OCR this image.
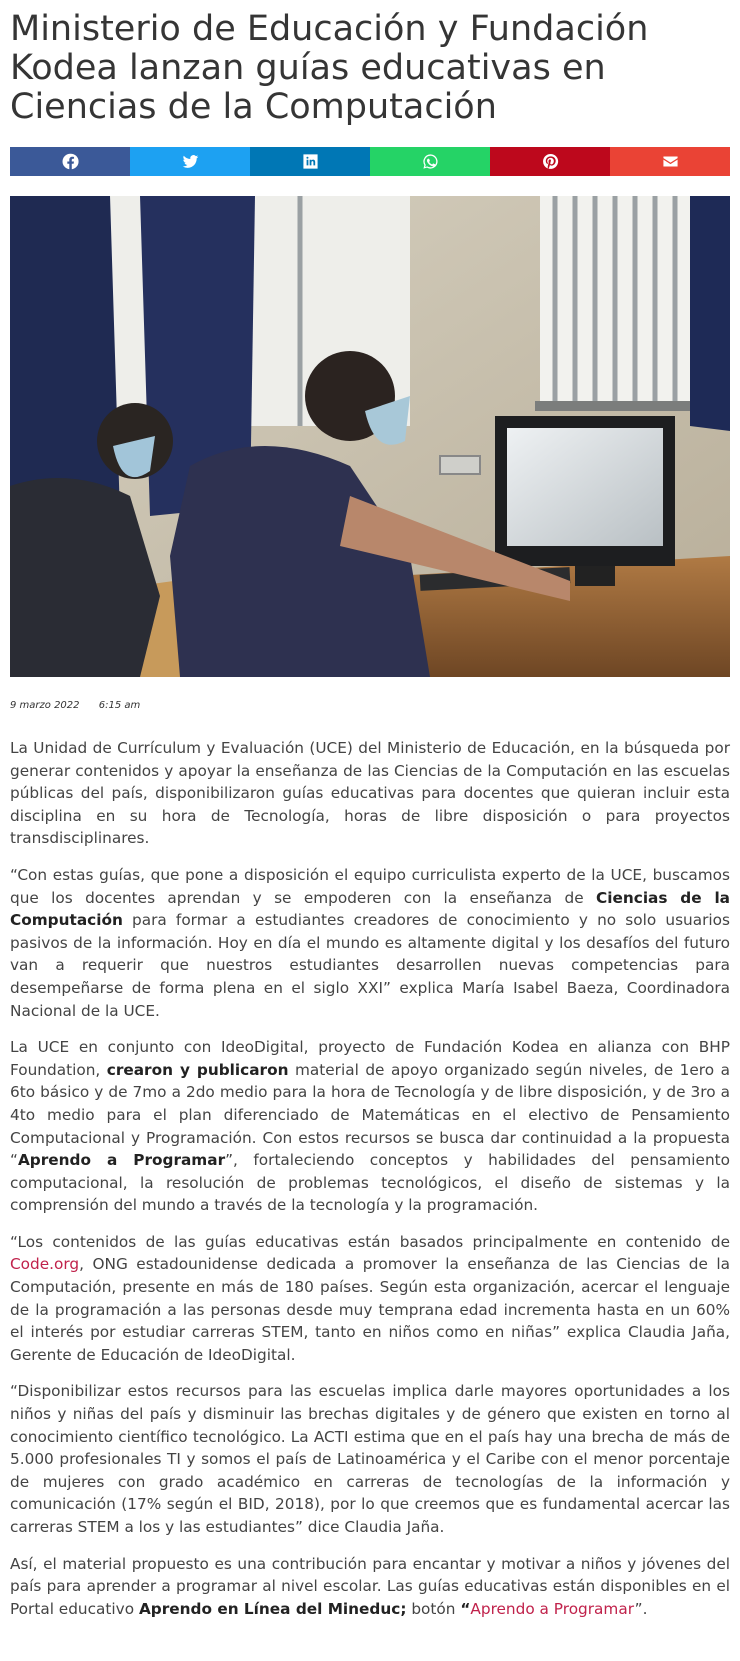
Ministerio de Educación y Fundación Kodea lanzan guías educativas en Ciencias de la Computación
9 marzo 2022 6:15 am

La Unidad de Currículum y Evaluación (UCE) del Ministerio de Educación, en la búsqueda por generar contenidos y apoyar la enseñanza de las Ciencias de la Computación en las escuelas públicas del país, disponibilizaron guías educativas para docentes que quieran incluir esta disciplina en su hora de Tecnología, horas de libre disposición o para proyectos transdisciplinares.

“Con estas guías, que pone a disposición el equipo curriculista experto de la UCE, buscamos que los docentes aprendan y se empoderen con la enseñanza de Ciencias de la Computación para formar a estudiantes creadores de conocimiento y no solo usuarios pasivos de la información. Hoy en día el mundo es altamente digital y los desafíos del futuro van a requerir que nuestros estudiantes desarrollen nuevas competencias para desempeñarse de forma plena en el siglo XXI” explica María Isabel Baeza, Coordinadora Nacional de la UCE.

La UCE en conjunto con IdeoDigital, proyecto de Fundación Kodea en alianza con BHP Foundation, crearon y publicaron material de apoyo organizado según niveles, de 1ero a 6to básico y de 7mo a 2do medio para la hora de Tecnología y de libre disposición, y de 3ro a 4to medio para el plan diferenciado de Matemáticas en el electivo de Pensamiento Computacional y Programación. Con estos recursos se busca dar continuidad a la propuesta “Aprendo a Programar”, fortaleciendo conceptos y habilidades del pensamiento computacional, la resolución de problemas tecnológicos, el diseño de sistemas y la comprensión del mundo a través de la tecnología y la programación.

“Los contenidos de las guías educativas están basados principalmente en contenido de Code.org, ONG estadounidense dedicada a promover la enseñanza de las Ciencias de la Computación, presente en más de 180 países. Según esta organización, acercar el lenguaje de la programación a las personas desde muy temprana edad incrementa hasta en un 60% el interés por estudiar carreras STEM, tanto en niños como en niñas” explica Claudia Jaña, Gerente de Educación de IdeoDigital.

“Disponibilizar estos recursos para las escuelas implica darle mayores oportunidades a los niños y niñas del país y disminuir las brechas digitales y de género que existen en torno al conocimiento científico tecnológico. La ACTI estima que en el país hay una brecha de más de 5.000 profesionales TI y somos el país de Latinoamérica y el Caribe con el menor porcentaje de mujeres con grado académico en carreras de tecnologías de la información y comunicación (17% según el BID, 2018), por lo que creemos que es fundamental acercar las carreras STEM a los y las estudiantes” dice Claudia Jaña.

Así, el material propuesto es una contribución para encantar y motivar a niños y jóvenes del país para aprender a programar al nivel escolar. Las guías educativas están disponibles en el Portal educativo Aprendo en Línea del Mineduc; botón “Aprendo a Programar”.
